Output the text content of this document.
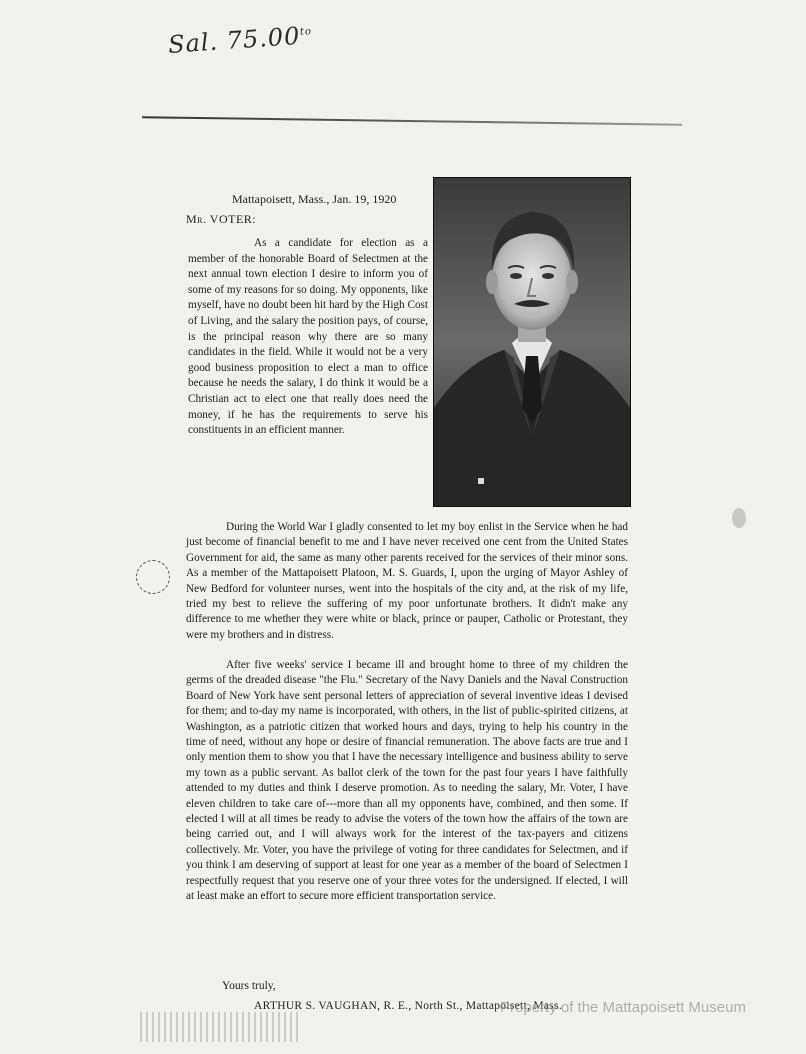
Sal. $75.00^{to}$
Mattapoisett, Mass., Jan. 19, 1920
Mr. VOTER:

As a candidate for election as a member of the honorable Board of Selectmen at the next annual town election I desire to inform you of some of my reasons for so doing. My opponents, like myself, have no doubt been hit hard by the High Cost of Living, and the salary the position pays, of course, is the principal reason why there are so many candidates in the field. While it would not be a very good business proposition to elect a man to office because he needs the salary, I do think it would be a Christian act to elect one that really does need the money, if he has the requirements to serve his constituents in an efficient manner.

During the World War I gladly consented to let my boy enlist in the Service when he had just become of financial benefit to me and I have never received one cent from the United States Government for aid, the same as many other parents received for the services of their minor sons. As a member of the Mattapoisett Platoon, M. S. Guards, I, upon the urging of Mayor Ashley of New Bedford for volunteer nurses, went into the hospitals of the city and, at the risk of my life, tried my best to relieve the suffering of my poor unfortunate brothers. It didn't make any difference to me whether they were white or black, prince or pauper, Catholic or Protestant, they were my brothers and in distress.

After five weeks' service I became ill and brought home to three of my children the germs of the dreaded disease "the Flu." Secretary of the Navy Daniels and the Naval Construction Board of New York have sent personal letters of appreciation of several inventive ideas I devised for them; and to-day my name is incorporated, with others, in the list of public-spirited citizens, at Washington, as a patriotic citizen that worked hours and days, trying to help his country in the time of need, without any hope or desire of financial remuneration. The above facts are true and I only mention them to show you that I have the necessary intelligence and business ability to serve my town as a public servant. As ballot clerk of the town for the past four years I have faithfully attended to my duties and think I deserve promotion. As to needing the salary, Mr. Voter, I have eleven children to take care of---more than all my opponents have, combined, and then some. If elected I will at all times be ready to advise the voters of the town how the affairs of the town are being carried out, and I will always work for the interest of the tax-payers and citizens collectively. Mr. Voter, you have the privilege of voting for three candidates for Selectmen, and if you think I am deserving of support at least for one year as a member of the board of Selectmen I respectfully request that you reserve one of your three votes for the undersigned. If elected, I will at least make an effort to secure more efficient transportation service.

Yours truly,
ARTHUR S. VAUGHAN, R. E., North St., Mattapoisett, Mass.
Property of the Mattapoisett Museum
